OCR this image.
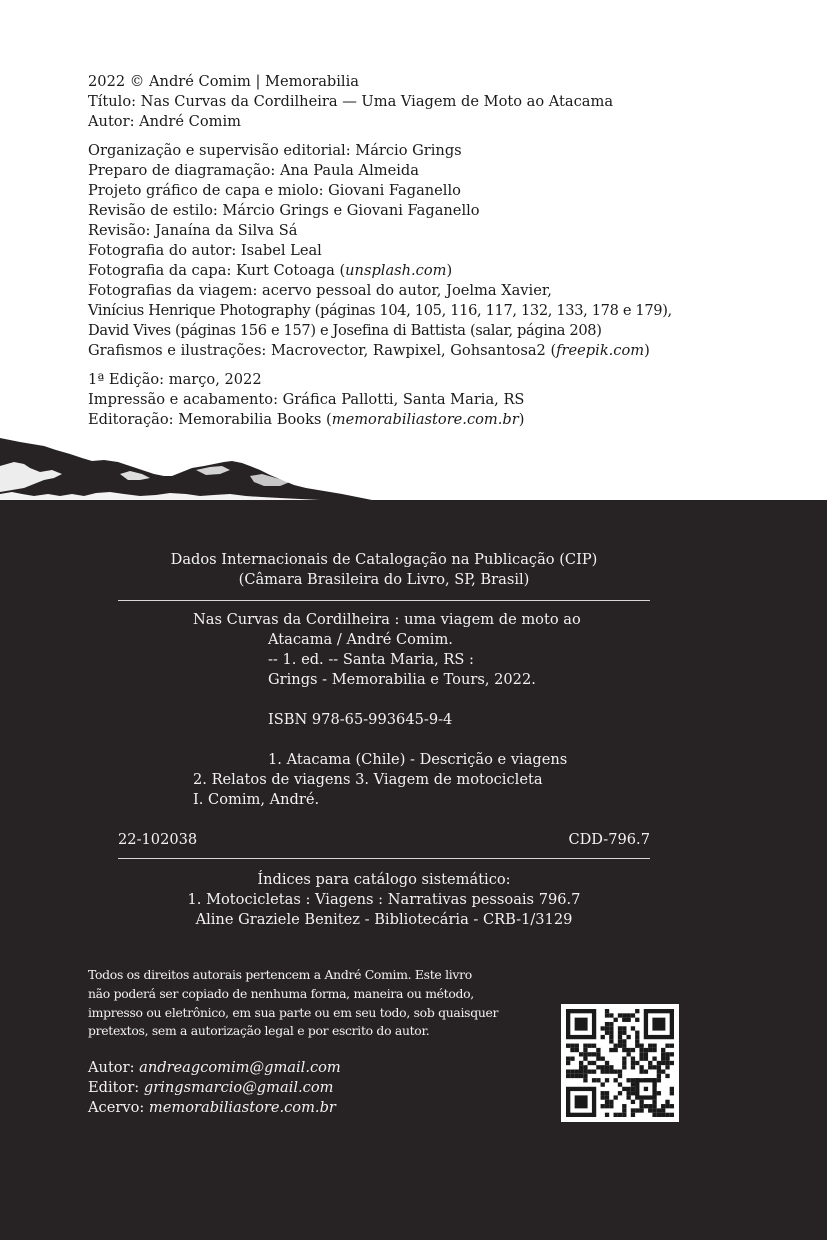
2022 © André Comim | Memorabilia
Título: Nas Curvas da Cordilheira — Uma Viagem de Moto ao Atacama
Autor: André Comim
Organização e supervisão editorial: Márcio Grings
Preparo de diagramação: Ana Paula Almeida
Projeto gráfico de capa e miolo: Giovani Faganello
Revisão de estilo: Márcio Grings e Giovani Faganello
Revisão: Janaína da Silva Sá
Fotografia do autor: Isabel Leal
Fotografia da capa: Kurt Cotoaga (unsplash.com)
Fotografias da viagem: acervo pessoal do autor, Joelma Xavier,
Vinícius Henrique Photography (páginas 104, 105, 116, 117, 132, 133, 178 e 179),
David Vives (páginas 156 e 157) e Josefina di Battista (salar, página 208)
Grafismos e ilustrações: Macrovector, Rawpixel, Gohsantosa2 (freepik.com)
1ª Edição: março, 2022
Impressão e acabamento: Gráfica Pallotti, Santa Maria, RS
Editoração: Memorabilia Books (memorabiliastore.com.br)
Dados Internacionais de Catalogação na Publicação (CIP)
(Câmara Brasileira do Livro, SP, Brasil)
Nas Curvas da Cordilheira : uma viagem de moto ao
Atacama / André Comim.
-- 1. ed. -- Santa Maria, RS :
Grings - Memorabilia e Tours, 2022.
ISBN 978-65-993645-9-4
1. Atacama (Chile) - Descrição e viagens
2. Relatos de viagens 3. Viagem de motocicleta
I. Comim, André.
22-102038	CDD-796.7
Índices para catálogo sistemático:
1. Motocicletas : Viagens : Narrativas pessoais 796.7
Aline Graziele Benitez - Bibliotecária - CRB-1/3129
Todos os direitos autorais pertencem a André Comim. Este livro
não poderá ser copiado de nenhuma forma, maneira ou método,
impresso ou eletrônico, em sua parte ou em seu todo, sob quaisquer
pretextos, sem a autorização legal e por escrito do autor.
Autor: andreagcomim@gmail.com
Editor: gringsmarcio@gmail.com
Acervo: memorabiliastore.com.br
